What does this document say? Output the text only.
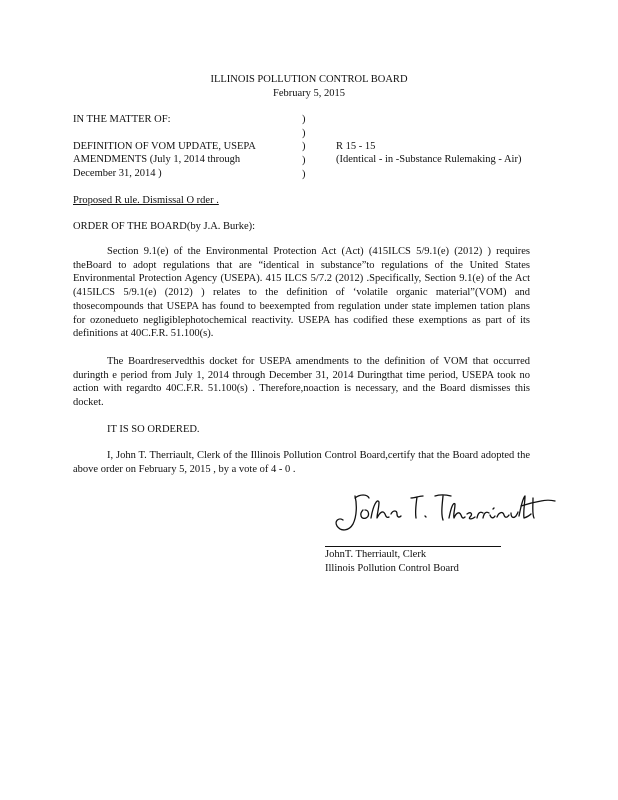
ILLINOIS POLLUTION CONTROL BOARD
February 5, 2015
IN THE MATTER OF:	)
)
)
)
)
DEFINITION OF VOM UPDATE, USEPA
AMENDMENTS (July 1, 2014 through
December 31, 2014 )
R 15 - 15
(Identical - in -Substance Rulemaking - Air)
Proposed R ule. Dismissal O rder .
ORDER OF THE BOARD(by J.A. Burke):
Section 9.1(e) of the Environmental Protection Act (Act) (415ILCS 5/9.1(e) (2012) ) requires theBoard to adopt regulations that are “identical in substance”to regulations of the United States Environmental Protection Agency (USEPA). 415 ILCS 5/7.2 (2012) .Specifically, Section 9.1(e) of the Act (415ILCS 5/9.1(e) (2012) ) relates to the definition of ‘volatile organic material”(VOM) and thosecompounds that USEPA has found to beexempted from regulation under state implemen tation plans for ozonedueto negligiblephotochemical reactivity. USEPA has codified these exemptions as part of its definitions at 40C.F.R. 51.100(s).
The Boardreservedthis docket for USEPA amendments to the definition of VOM that occurred duringth e period from July 1, 2014 through December 31, 2014 Duringthat time period, USEPA took no action with regardto 40C.F.R. 51.100(s) . Therefore,noaction is necessary, and the Board dismisses this docket.
IT IS SO ORDERED.
I, John T. Therriault, Clerk of the Illinois Pollution Control Board,certify that the Board adopted the above order on February 5, 2015 , by a vote of 4 - 0 .
JohnT. Therriault, Clerk
Illinois Pollution Control Board
